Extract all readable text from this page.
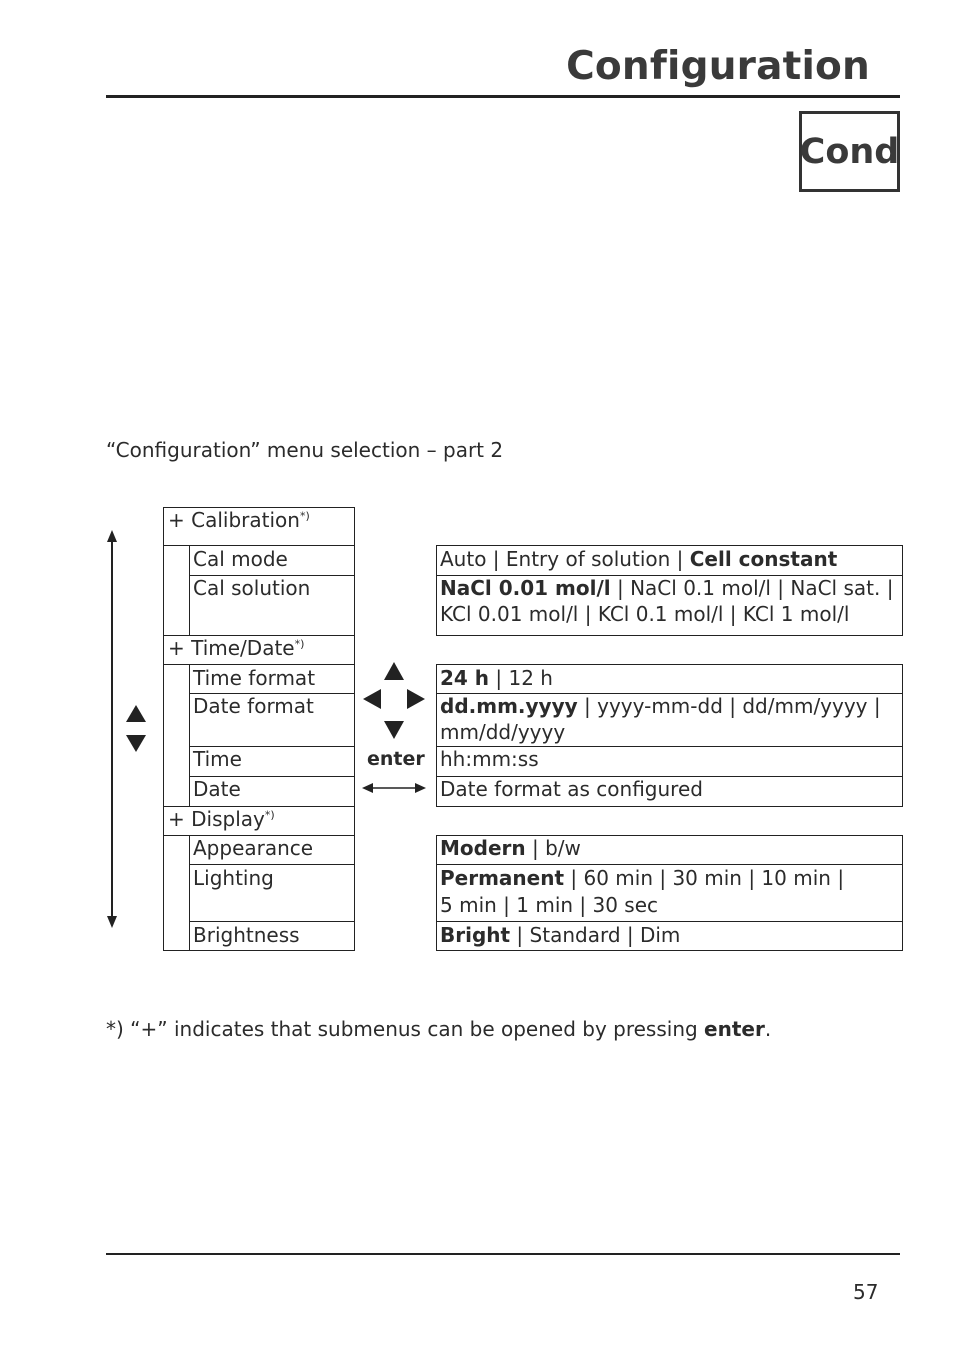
Configuration
Cond
“Configuration” menu selection – part 2
+ Calibration*)
Cal mode
Cal solution
+ Time/Date*)
Time format
Date format
Time
Date
+ Display*)
Appearance
Lighting
Brightness
enter
Auto | Entry of solution | Cell constant
NaCl 0.01 mol/l | NaCl 0.1 mol/l | NaCl sat. |
KCl 0.01 mol/l | KCl 0.1 mol/l | KCl 1 mol/l
24 h | 12 h
dd.mm.yyyy | yyyy-mm-dd | dd/mm/yyyy |
mm/dd/yyyy
hh:mm:ss
Date format as configured
Modern | b/w
Permanent | 60 min | 30 min | 10 min |
5 min | 1 min | 30 sec
Bright | Standard | Dim
*) “+” indicates that submenus can be opened by pressing enter.
57
